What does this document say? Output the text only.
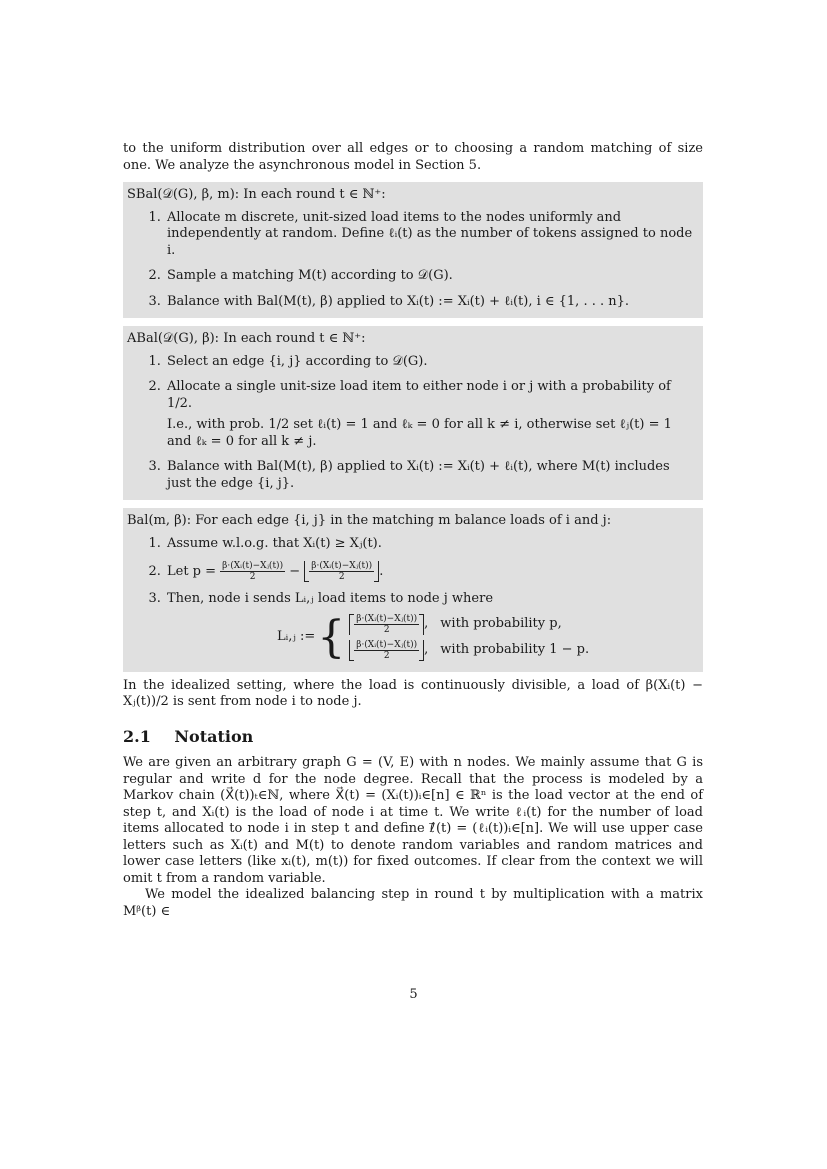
to the uniform distribution over all edges or to choosing a random matching of size one. We analyze the asynchronous model in Section 5.

SBal(𝒟(G), β, m): In each round t ∈ ℕ⁺:

1. Allocate m discrete, unit-sized load items to the nodes uniformly and independently at random. Define ℓᵢ(t) as the number of tokens assigned to node i.
2. Sample a matching M(t) according to 𝒟(G).
3. Balance with Bal(M(t), β) applied to Xᵢ(t) := Xᵢ(t) + ℓᵢ(t), i ∈ {1, . . . n}.

ABal(𝒟(G), β): In each round t ∈ ℕ⁺:

1. Select an edge {i, j} according to 𝒟(G).
2. Allocate a single unit-size load item to either node i or j with a probability of 1/2.

I.e., with prob. 1/2 set ℓᵢ(t) = 1 and ℓₖ = 0 for all k ≠ i, otherwise set ℓⱼ(t) = 1 and ℓₖ = 0 for all k ≠ j.

3. Balance with Bal(M(t), β) applied to Xᵢ(t) := Xᵢ(t) + ℓᵢ(t), where M(t) includes just the edge {i, j}.

Bal(m, β): For each edge {i, j} in the matching m balance loads of i and j:

1. Assume w.l.o.g. that Xᵢ(t) ≥ Xⱼ(t).
2. Let $p = \frac{\text{β·(Xᵢ(t)−Xⱼ(t))}}{2} - \frac{\text{β·(Xᵢ(t)−Xⱼ(t))}}{2}$ .
3. Then, node i sends Lᵢ,ⱼ load items to node j where
Lᵢ,ⱼ := { $\frac{\text{β·(Xᵢ(t)−Xⱼ(t))}}{2}$ , with probability p,
$\frac{\text{β·(Xᵢ(t)−Xⱼ(t))}}{2}$ , with probability 1 − p.

In the idealized setting, where the load is continuously divisible, a load of β(Xᵢ(t) − Xⱼ(t))/2 is sent from node i to node j.

2.1 Notation

We are given an arbitrary graph G = (V, E) with n nodes. We mainly assume that G is regular and write d for the node degree. Recall that the process is modeled by a Markov chain (X⃗(t))ₜ∈ℕ, where X⃗(t) = (Xᵢ(t))ᵢ∈[n] ∈ ℝⁿ is the load vector at the end of step t, and Xᵢ(t) is the load of node i at time t. We write ℓᵢ(t) for the number of load items allocated to node i in step t and define ℓ⃗(t) = (ℓᵢ(t))ᵢ∈[n]. We will use upper case letters such as Xᵢ(t) and M(t) to denote random variables and random matrices and lower case letters (like xᵢ(t), m(t)) for fixed outcomes. If clear from the context we will omit t from a random variable.

We model the idealized balancing step in round t by multiplication with a matrix Mᵝ(t) ∈

5
